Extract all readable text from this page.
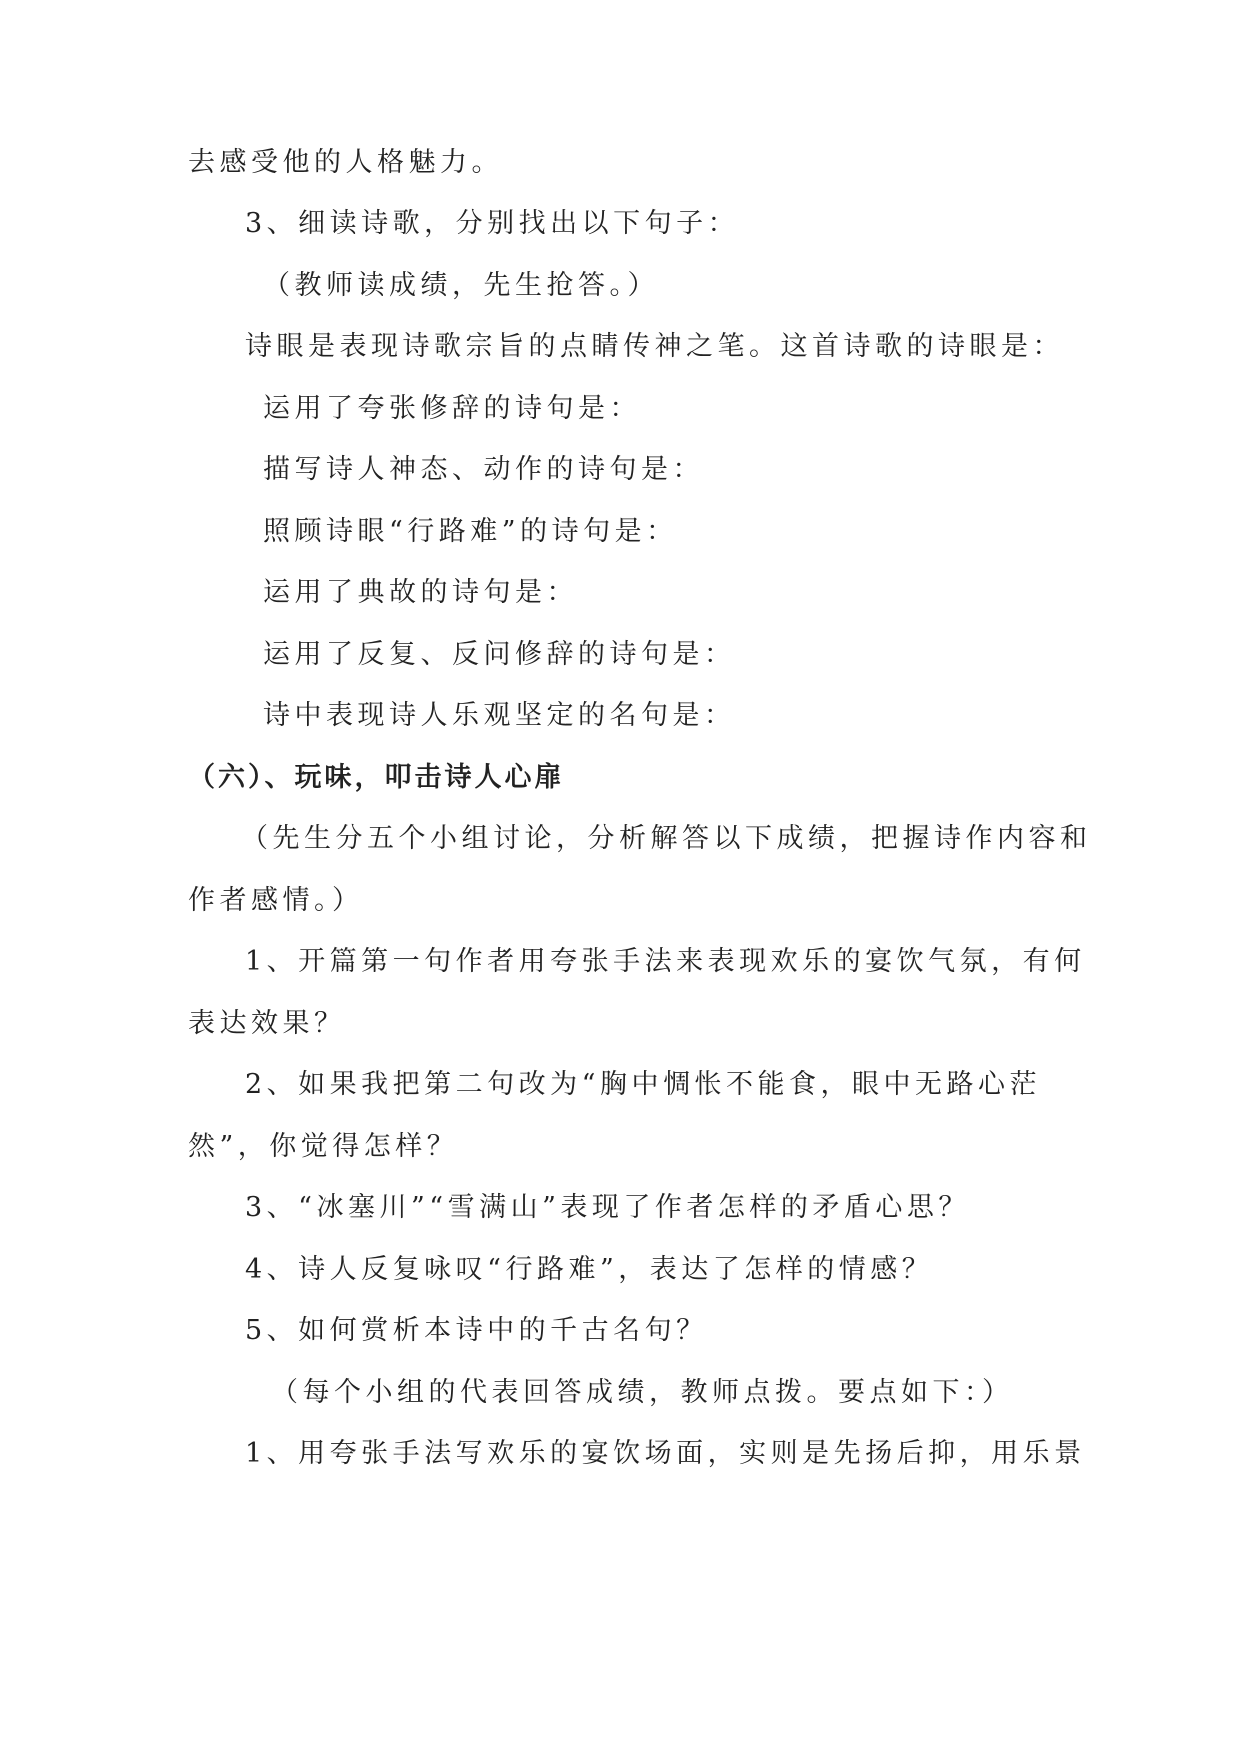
去感受他的人格魅力。
3、细读诗歌，分别找出以下句子：
（教师读成绩，先生抢答。）
诗眼是表现诗歌宗旨的点睛传神之笔。这首诗歌的诗眼是：
运用了夸张修辞的诗句是：
描写诗人神态、动作的诗句是：
照顾诗眼“行路难”的诗句是：
运用了典故的诗句是：
运用了反复、反问修辞的诗句是：
诗中表现诗人乐观坚定的名句是：
（六）、玩味，叩击诗人心扉
（先生分五个小组讨论，分析解答以下成绩，把握诗作内容和
作者感情。）
1、开篇第一句作者用夸张手法来表现欢乐的宴饮气氛，有何
表达效果？
2、如果我把第二句改为“胸中惆怅不能食，眼中无路心茫
然”，你觉得怎样？
3、“冰塞川”“雪满山”表现了作者怎样的矛盾心思？
4、诗人反复咏叹“行路难”，表达了怎样的情感？
5、如何赏析本诗中的千古名句？
（每个小组的代表回答成绩，教师点拨。要点如下：）
1、用夸张手法写欢乐的宴饮场面，实则是先扬后抑，用乐景
